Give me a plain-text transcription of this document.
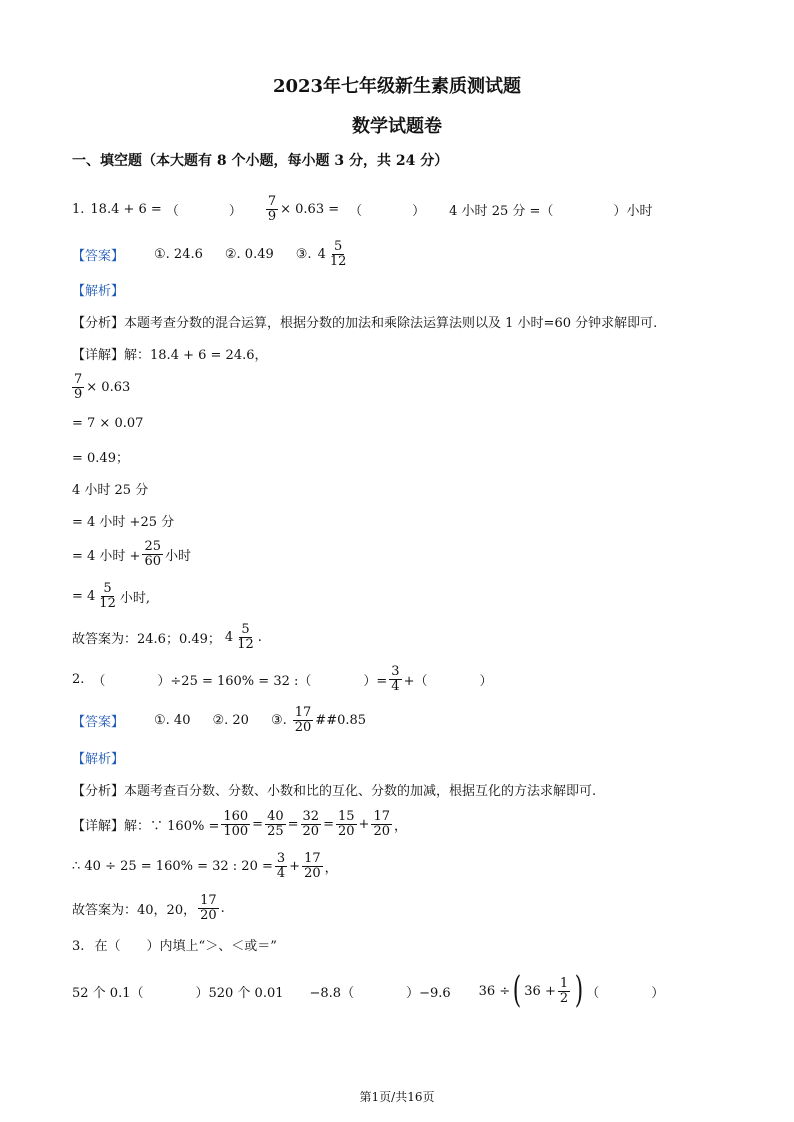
2023年七年级新生素质测试题
数学试题卷
一、填空题（本大题有 8 个小题，每小题 3 分，共 24 分）
1. 18.4 + 6 = （	） $\frac{7}{9} \times 0.63$ = （	） 4 小时 25 分 = （	） 小时
【答案】 ①. 24.6 ②. 0.49 ③. $4 \frac{5}{12}$
【解析】
【分析】本题考查分数的混合运算，根据分数的加法和乘除法运算法则以及 1 小时=60 分钟求解即可.
【详解】解：18.4 + 6 = 24.6，
$\frac{7}{9} \times 0.63$
= 7 × 0.07
= 0.49；
4 小时 25 分
= 4 小时 +25 分
= 4 小时 + $\frac{25}{60}$ 小时
= $4 \frac{5}{12}$ 小时,
故答案为：24.6；0.49； $4 \frac{5}{12}$ .
2. （　　　　）÷25 = 160% = 32 :（　　　　）= $\frac{3}{4}$ +（　　　　）
【答案】 ①. 40 ②. 20 ③. $\frac{17}{20}$ ##0.85
【解析】
【分析】本题考查百分数、分数、小数和比的互化、分数的加减，根据互化的方法求解即可.
【详解】 解：∵ $160\% = \frac{160}{100} = \frac{40}{25} = \frac{32}{20} = \frac{15}{20} + \frac{17}{20}$ ，
∴ 40 ÷ 25 = 160% = 32 : $20 = \frac{3}{4} + \frac{17}{20}$ ，
故答案为：40，20， $\frac{17}{20}$ .
3. 在（　　）内填上“＞、＜或＝”
52 个 0.1（　　　　）520 个 0.01 −8.8（　　　　）−9.6 36 ÷ ( $36 + \frac{1}{2}$ ) （　　　　）
第1页/共16页
